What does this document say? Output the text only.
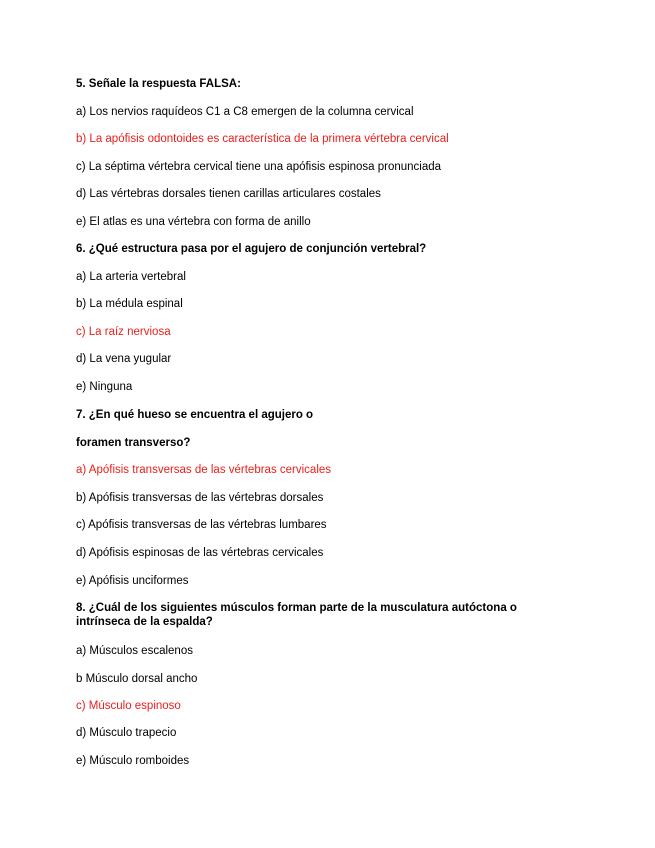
5. Señale la respuesta FALSA:
a) Los nervios raquídeos C1 a C8 emergen de la columna cervical
b) La apófisis odontoides es característica de la primera vértebra cervical
c) La séptima vértebra cervical tiene una apófisis espinosa pronunciada
d) Las vértebras dorsales tienen carillas articulares costales
e) El atlas es una vértebra con forma de anillo
6. ¿Qué estructura pasa por el agujero de conjunción vertebral?
a) La arteria vertebral
b) La médula espinal
c) La raíz nerviosa
d) La vena yugular
e) Ninguna
7. ¿En qué hueso se encuentra el agujero o
foramen transverso?
a) Apófisis transversas de las vértebras cervicales
b) Apófisis transversas de las vértebras dorsales
c) Apófisis transversas de las vértebras lumbares
d) Apófisis espinosas de las vértebras cervicales
e) Apófisis unciformes
8. ¿Cuál de los siguientes músculos forman parte de la musculatura autóctona o intrínseca de la espalda?
a) Músculos escalenos
b Músculo dorsal ancho
c) Músculo espinoso
d) Músculo trapecio
e) Músculo romboides
